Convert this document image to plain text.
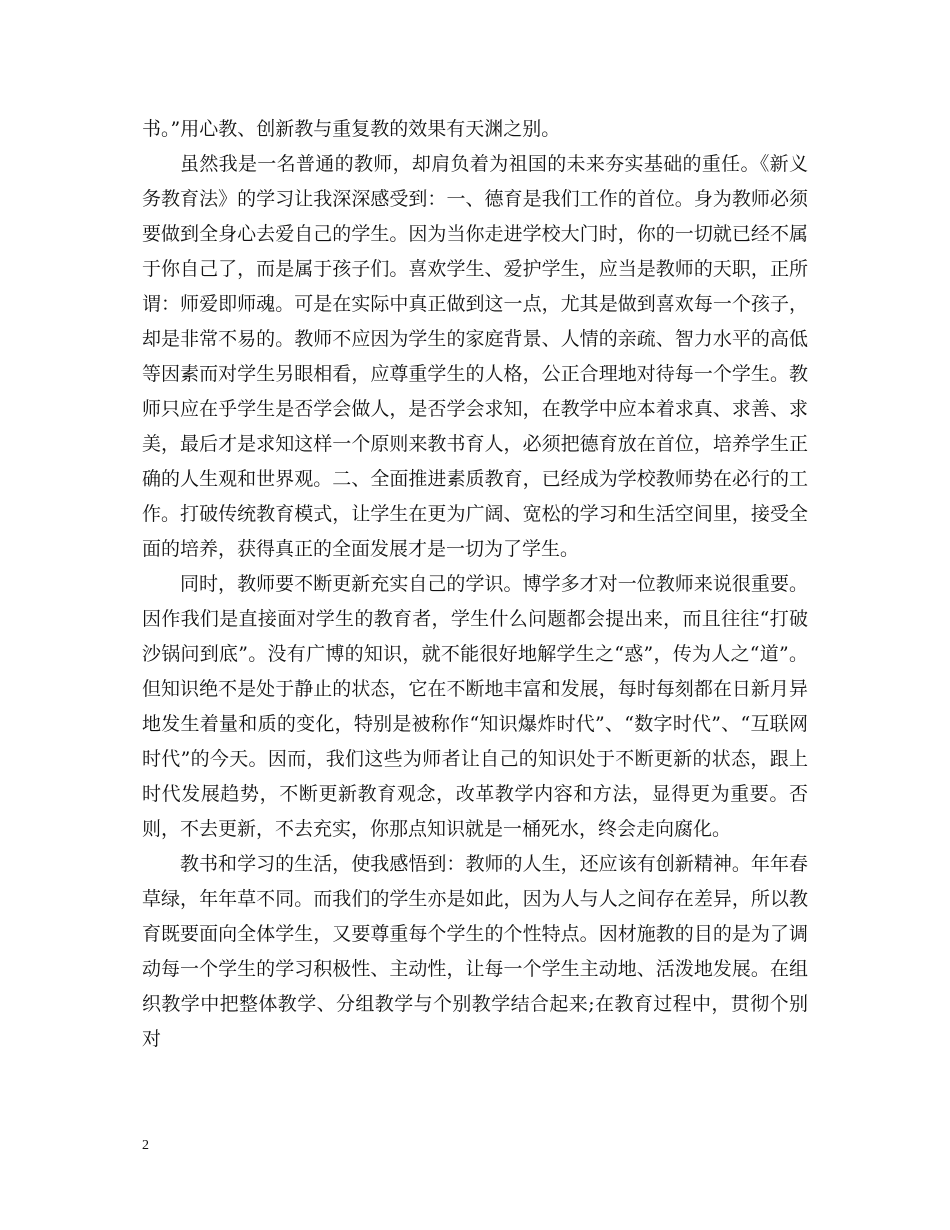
书。”用心教、创新教与重复教的效果有天渊之别。

虽然我是一名普通的教师，却肩负着为祖国的未来夯实基础的重任。《新义务教育法》的学习让我深深感受到：一、德育是我们工作的首位。身为教师必须要做到全身心去爱自己的学生。因为当你走进学校大门时，你的一切就已经不属于你自己了，而是属于孩子们。喜欢学生、爱护学生，应当是教师的天职，正所谓：师爱即师魂。可是在实际中真正做到这一点，尤其是做到喜欢每一个孩子，却是非常不易的。教师不应因为学生的家庭背景、人情的亲疏、智力水平的高低等因素而对学生另眼相看，应尊重学生的人格，公正合理地对待每一个学生。教师只应在乎学生是否学会做人，是否学会求知，在教学中应本着求真、求善、求美，最后才是求知这样一个原则来教书育人，必须把德育放在首位，培养学生正确的人生观和世界观。二、全面推进素质教育，已经成为学校教师势在必行的工作。打破传统教育模式，让学生在更为广阔、宽松的学习和生活空间里，接受全面的培养，获得真正的全面发展才是一切为了学生。

同时，教师要不断更新充实自己的学识。博学多才对一位教师来说很重要。因作我们是直接面对学生的教育者，学生什么问题都会提出来，而且往往“打破沙锅问到底”。没有广博的知识，就不能很好地解学生之“惑”，传为人之“道”。但知识绝不是处于静止的状态，它在不断地丰富和发展，每时每刻都在日新月异地发生着量和质的变化，特别是被称作“知识爆炸时代”、“数字时代”、“互联网时代”的今天。因而，我们这些为师者让自己的知识处于不断更新的状态，跟上时代发展趋势，不断更新教育观念，改革教学内容和方法，显得更为重要。否则，不去更新，不去充实，你那点知识就是一桶死水，终会走向腐化。

教书和学习的生活，使我感悟到：教师的人生，还应该有创新精神。年年春草绿，年年草不同。而我们的学生亦是如此，因为人与人之间存在差异，所以教育既要面向全体学生，又要尊重每个学生的个性特点。因材施教的目的是为了调动每一个学生的学习积极性、主动性，让每一个学生主动地、活泼地发展。在组织教学中把整体教学、分组教学与个别教学结合起来;在教育过程中，贯彻个别对

2
